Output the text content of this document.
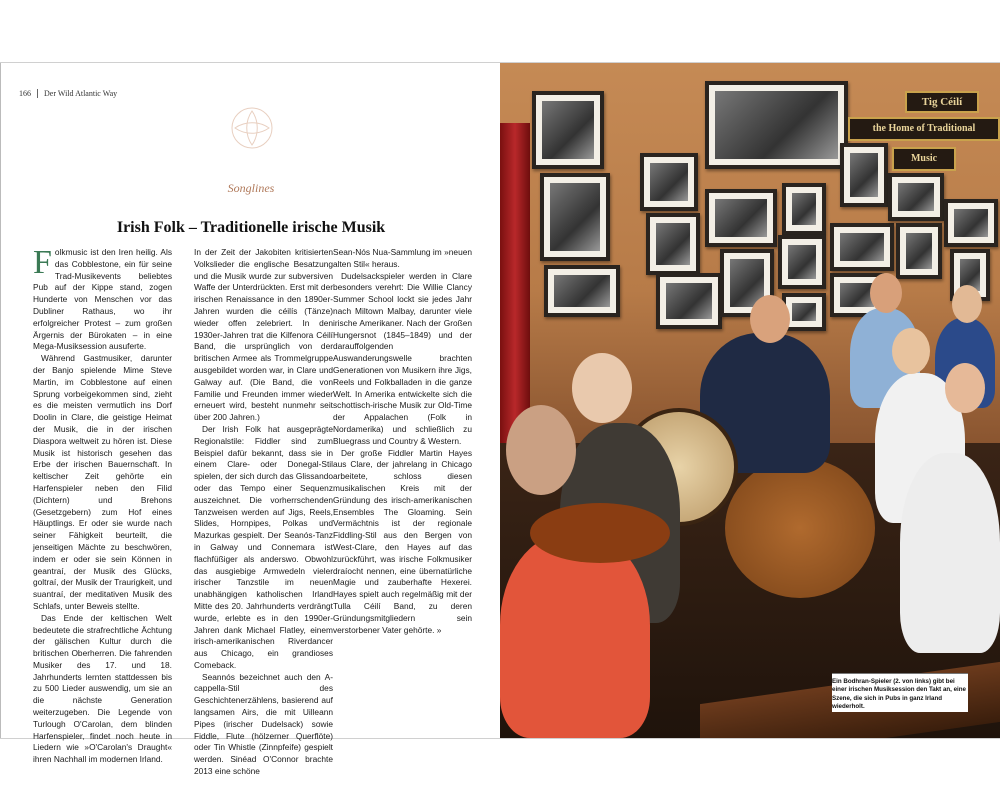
166 Der Wild Atlantic Way
Songlines
Irish Folk – Traditionelle irische Musik

Folkmusic ist den Iren heilig. Als das Cobblestone, ein für seine Trad-Musikevents beliebtes Pub auf der Kippe stand, zogen Hunderte von Menschen vor das Dubliner Rathaus, wo ihr erfolgreicher Protest – zum großen Ärgernis der Bürokaten – in eine Mega-Musiksession ausuferte.

Während Gastmusiker, darunter der Banjo spielende Mime Steve Martin, im Cobblestone auf einen Sprung vorbeigekommen sind, zieht es die meisten vermutlich ins Dorf Doolin in Clare, die geistige Heimat der Musik, die in der irischen Diaspora weltweit zu hören ist. Diese Musik ist historisch gesehen das Erbe der irischen Bauernschaft. In keltischer Zeit gehörte ein Harfenspieler neben den Filid (Dichtern) und Brehons (Gesetzgebern) zum Hof eines Häuptlings. Er oder sie wurde nach seiner Fähigkeit beurteilt, die jenseitigen Mächte zu beschwören, indem er oder sie sein Können in geantraí, der Musik des Glücks, goltraí, der Musik der Traurigkeit, und suantraí, der meditativen Musik des Schlafs, unter Beweis stellte.

Das Ende der keltischen Welt bedeutete die strafrechtliche Ächtung der gälischen Kultur durch die britischen Oberherren. Die fahrenden Musiker des 17. und 18. Jahrhunderts lernten stattdessen bis zu 500 Lieder auswendig, um sie an die nächste Generation weiterzugeben. Die Legende von Turlough O'Carolan, dem blinden Harfenspieler, findet noch heute in Liedern wie »O'Carolan's Draught« ihren Nachhall im modernen Irland.

In der Zeit der Jakobiten kritisierten Volkslieder die englische Besatzung und die Musik wurde zur subversiven Waffe der Unterdrückten. Erst mit der irischen Renaissance in den 1890er-Jahren wurden die céilís (Tänze) wieder offen zelebriert. In den 1930er-Jahren trat die Kilfenora Céilí Band, die ursprünglich von der britischen Armee als Trommelgruppe ausgebildet worden war, in Clare und Galway auf. (Die Band, die von Familie und Freunden immer wieder erneuert wird, besteht nunmehr seit über 200 Jahren.)

Der Irish Folk hat ausgeprägte Regionalstile: Fiddler sind zum Beispiel dafür bekannt, dass sie in einem Clare- oder Donegal-Stil spielen, der sich durch das Glissando oder das Tempo einer Sequenz auszeichnet. Die vorherrschenden Tanzweisen werden auf Jigs, Reels, Slides, Hornpipes, Polkas und Mazurkas gespielt. Der Seanós-Tanz in Galway und Connemara ist flachfüßiger als anderswo. Obwohl das ausgiebige Armwedeln vieler irischer Tanzstile im neuen unabhängigen katholischen Irland Mitte des 20. Jahrhunderts verdrängt wurde, erlebte es in den 1990er-Jahren dank Michael Flatley, einem irisch-amerikanischen Riverdancer aus Chicago, ein grandioses Comeback.

Seannós bezeichnet auch den A-cappella-Stil des Geschichtenerzählens, basierend auf langsamen Airs, die mit Uilleann Pipes (irischer Dudelsack) sowie Fiddle, Flute (hölzerner Querflöte) oder Tin Whistle (Zinnpfeife) gespielt werden. Sinéad O'Connor brachte 2013 eine schöne

Sean-Nós Nua-Sammlung im »neuen alten Stil« heraus.

Dudelsackspieler werden in Clare besonders verehrt: Die Willie Clancy Summer School lockt sie jedes Jahr nach Miltown Malbay, darunter viele irische Amerikaner. Nach der Großen Hungersnot (1845–1849) und der darauffolgenden Auswanderungswelle brachten Generationen von Musikern ihre Jigs, Reels und Folkballaden in die ganze Welt. In Amerika entwickelte sich die schottisch-irische Musik zur Old-Time der Appalachen (Folk in Nordamerika) und schließlich zu Bluegrass und Country & Western.

Der große Fiddler Martin Hayes aus Clare, der jahrelang in Chicago arbeitete, schloss diesen musikalischen Kreis mit der Gründung des irisch-amerikanischen Ensembles The Gloaming. Sein Vermächtnis ist der regionale Fiddling-Stil aus den Bergen von West-Clare, den Hayes auf das zurückführt, was irische Folkmusiker draíocht nennen, eine übernatürliche Magie und zauberhafte Hexerei. Hayes spielt auch regelmäßig mit der Tulla Céilí Band, zu deren Gründungsmitgliedern sein verstorbener Vater gehörte. »

Tig Céilí
the Home of Traditional
Music
Ein Bodhran-Spieler (2. von links) gibt bei einer irischen Musiksession den Takt an, eine Szene, die sich in Pubs in ganz Irland wiederholt.
